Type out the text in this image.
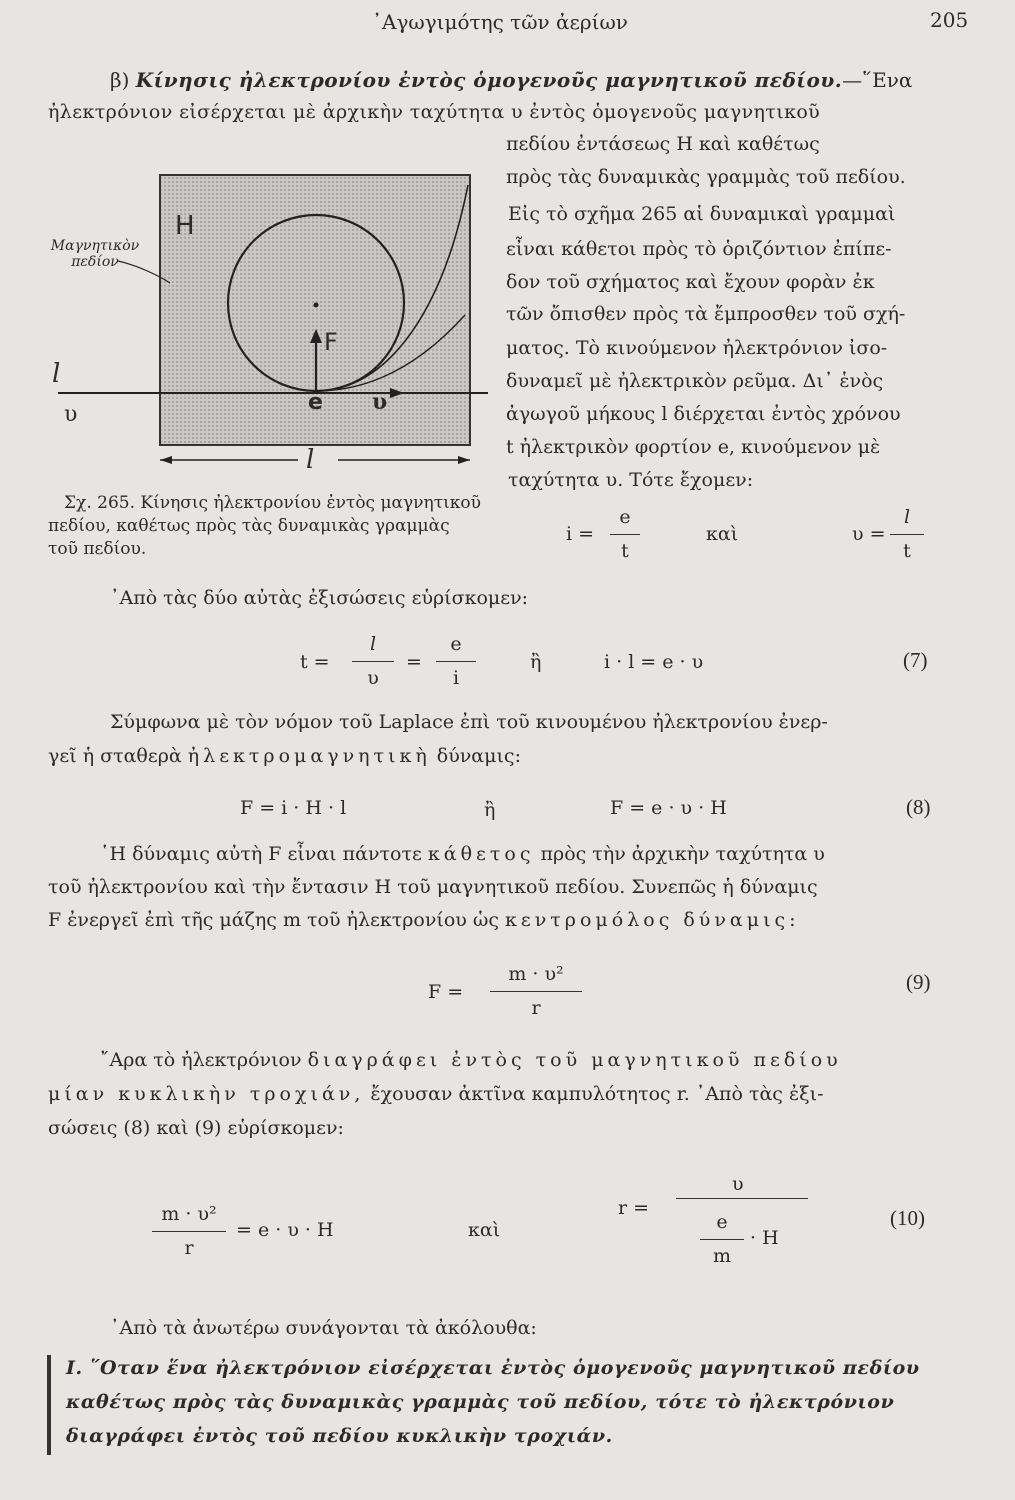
᾿Αγωγιμότης τῶν ἀερίων	205
β) Κίνησις ἠλεκτρονίου ἐντὸς ὁμογενοῦς μαγνητικοῦ πεδίου.—῞Ενα
ἠλεκτρόνιον εἰσέρχεται μὲ ἀρχικὴν ταχύτητα υ ἐντὸς ὁμογενοῦς μαγνητικοῦ
πεδίου ἐντάσεως Η καὶ καθέτως
πρὸς τὰς δυναμικὰς γραμμὰς τοῦ πεδίου.
Εἰς τὸ σχῆμα 265 αἱ δυναμικαὶ γραμμαὶ
εἶναι κάθετοι πρὸς τὸ ὁριζόντιον ἐπίπε-
δον τοῦ σχήματος καὶ ἔχουν φορὰν ἐκ
τῶν ὄπισθεν πρὸς τὰ ἔμπροσθεν τοῦ σχή-
ματος. Τὸ κινούμενον ἠλεκτρόνιον ἰσο-
δυναμεῖ μὲ ἠλεκτρικὸν ρεῦμα. Δι᾿ ἑνὸς
ἀγωγοῦ μήκους l διέρχεται ἐντὸς χρόνου
t ἠλεκτρικὸν φορτίον e, κινούμενον μὲ
ταχύτητα υ. Τότε ἔχομεν:
Μαγνητικὸν πεδίον
H
F
e υ
υ
l
l
Σχ. 265. Κίνησις ἠλεκτρονίου ἐντὸς μαγνητικοῦ πεδίου, καθέτως πρὸς τὰς δυναμικὰς γραμμὰς τοῦ πεδίου.
i =
e
t
καὶ	υ =
l
t
᾿Απὸ τὰς δύο αὐτὰς ἐξισώσεις εὑρίσκομεν:
t =
l
υ
=
e
i
ἢ	i · l = e · υ	(7)
Σύμφωνα μὲ τὸν νόμον τοῦ Laplace ἐπὶ τοῦ κινουμένου ἠλεκτρονίου ἐνερ-
γεῖ ἡ σταθερὰ ἠλεκτρομαγνητικὴ δύναμις:
F = i · H · l	ἢ	F = e · υ · H	(8)
῾Η δύναμις αὐτὴ F εἶναι πάντοτε κάθετος πρὸς τὴν ἀρχικὴν ταχύτητα υ
τοῦ ἠλεκτρονίου καὶ τὴν ἔντασιν Η τοῦ μαγνητικοῦ πεδίου. Συνεπῶς ἡ δύναμις
F ἐνεργεῖ ἐπὶ τῆς μάζης m τοῦ ἠλεκτρονίου ὡς κεντρομόλος δύναμις:
F =
m · υ²
r
(9)
῎Αρα τὸ ἠλεκτρόνιον διαγράφει ἐντὸς τοῦ μαγνητικοῦ πεδίου
μίαν κυκλικὴν τροχιάν, ἔχουσαν ἀκτῖνα καμπυλότητος r. ᾿Απὸ τὰς ἐξι-
σώσεις (8) καὶ (9) εὑρίσκομεν:
m · υ²
r
= e · υ · H	καὶ
r =
υ
e
m
· H
(10)
᾿Απὸ τὰ ἀνωτέρω συνάγονται τὰ ἀκόλουθα:
Ι. ῞Οταν ἕνα ἠλεκτρόνιον εἰσέρχεται ἐντὸς ὁμογενοῦς μαγνητικοῦ πεδίου
καθέτως πρὸς τὰς δυναμικὰς γραμμὰς τοῦ πεδίου, τότε τὸ ἠλεκτρόνιον
διαγράφει ἐντὸς τοῦ πεδίου κυκλικὴν τροχιάν.
